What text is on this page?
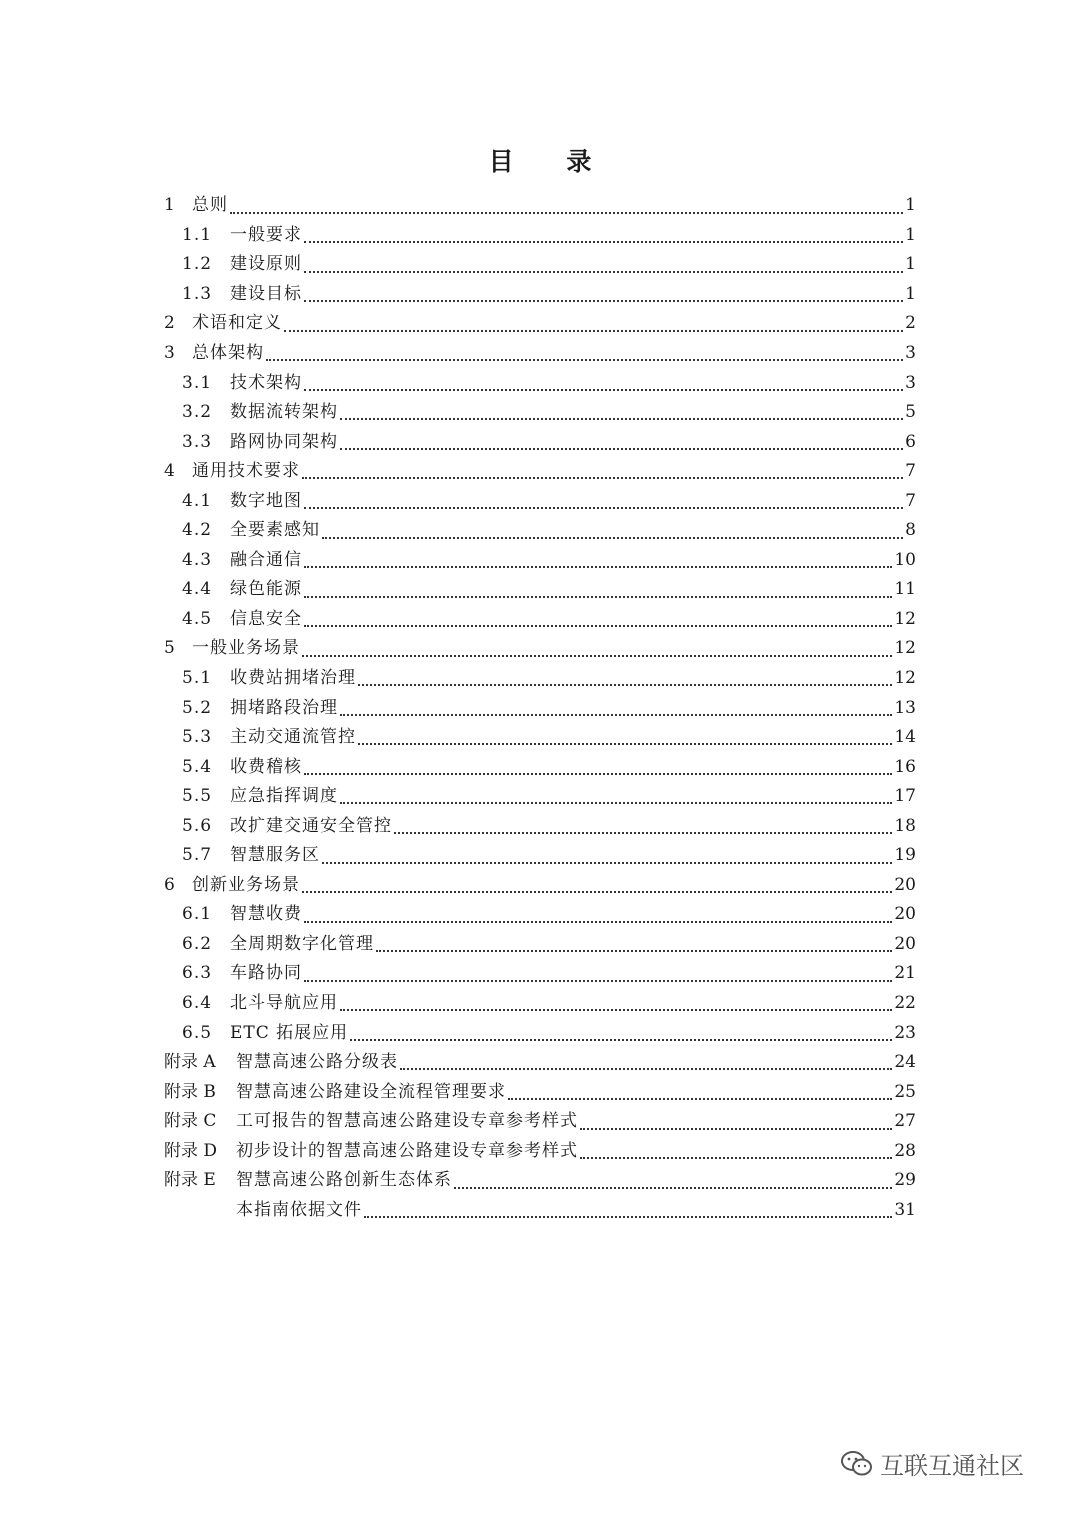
目 录
1	总则	1
1.1	一般要求	1
1.2	建设原则	1
1.3	建设目标	1
2	术语和定义	2
3	总体架构	3
3.1	技术架构	3
3.2	数据流转架构	5
3.3	路网协同架构	6
4	通用技术要求	7
4.1	数字地图	7
4.2	全要素感知	8
4.3	融合通信	10
4.4	绿色能源	11
4.5	信息安全	12
5	一般业务场景	12
5.1	收费站拥堵治理	12
5.2	拥堵路段治理	13
5.3	主动交通流管控	14
5.4	收费稽核	16
5.5	应急指挥调度	17
5.6	改扩建交通安全管控	18
5.7	智慧服务区	19
6	创新业务场景	20
6.1	智慧收费	20
6.2	全周期数字化管理	20
6.3	车路协同	21
6.4	北斗导航应用	22
6.5	ETC 拓展应用	23
附录 A	智慧高速公路分级表	24
附录 B	智慧高速公路建设全流程管理要求	25
附录 C	工可报告的智慧高速公路建设专章参考样式	27
附录 D	初步设计的智慧高速公路建设专章参考样式	28
附录 E	智慧高速公路创新生态体系	29
本指南依据文件	31
互联互通社区
